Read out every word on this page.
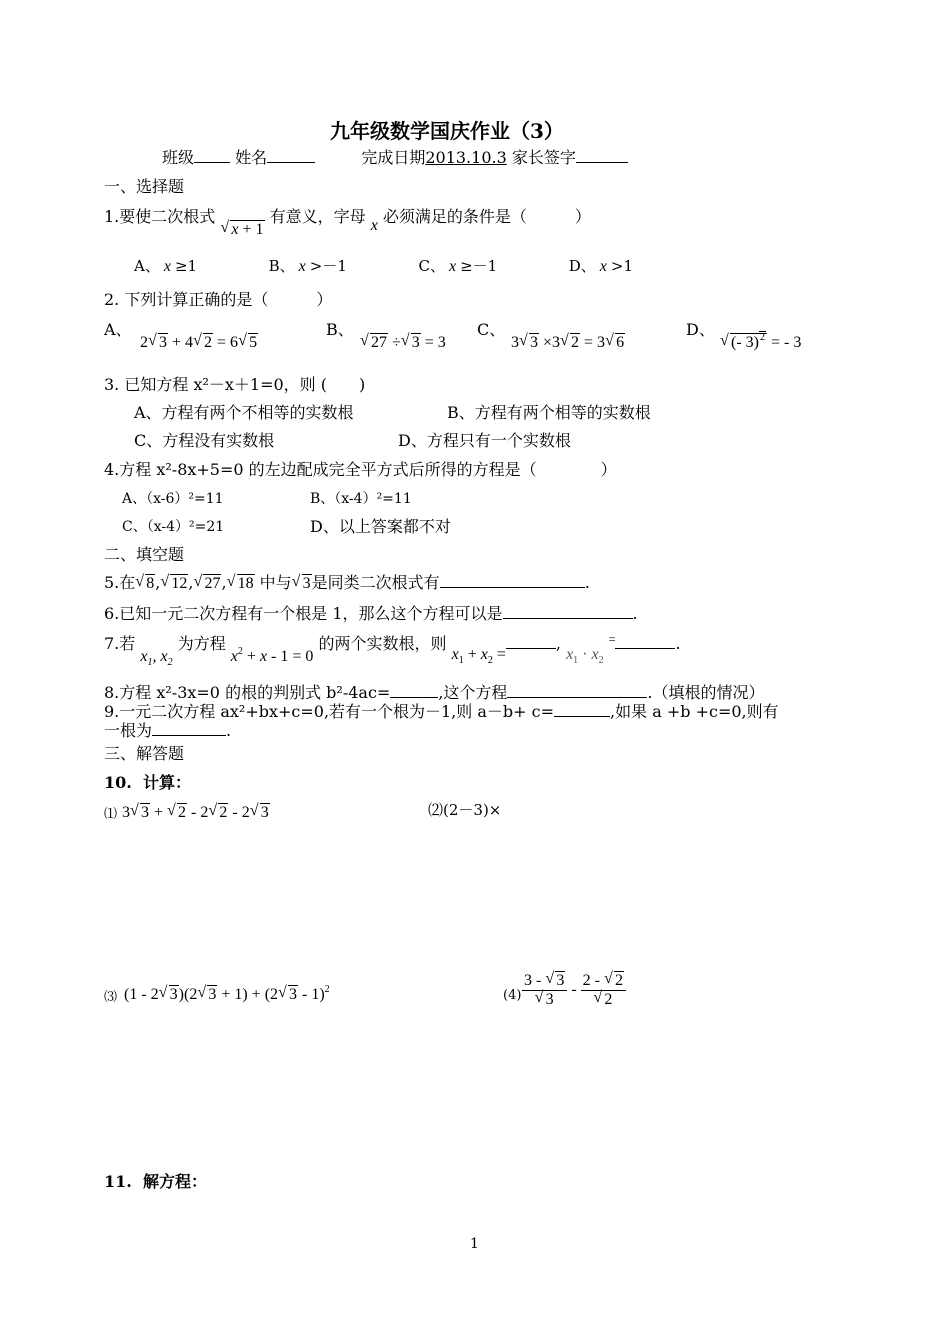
九年级数学国庆作业（3）
班级	姓名	完成日期2013.10.3 家长签字
一、选择题
1.要使二次根式 √ x + 1 有意义，字母 x 必须满足的条件是（　　　）
A、 x ≥1	B、 x >－1	C、 x ≥－1	D、 x >1
2. 下列计算正确的是（　　　）
A、
2 √ 3 + 4 √ 2 = 6 √ 5
B、
√ 27 ÷ √ 3 = 3
C、
3 √ 3 ×3 √ 2 = 3 √ 6
D、
√ (- 3)$^2$ = - 3
3. 已知方程 x²－x＋1=0，则 (　　)
A、方程有两个不相等的实数根	B、方程有两个相等的实数根
C、方程没有实数根	D、方程只有一个实数根
4.方程 x²-8x+5=0 的左边配成完全平方式后所得的方程是（　　　　）
A、（x-6）²=11	B、（x-4）²=11
C、（x-4）²=21	D、以上答案都不对
二、填空题
5.在 √ 8, √ 12, √ 27, √ 18 中与 √ 3是同类二次根式有	.
6.已知一元二次方程有一个根是 1，那么这个方程可以是	.
7.若 $x_1$, $x_2$ 为方程 $x^2 + x - 1 = 0$ 的两个实数根，则 $x_1 + x_2$ =, $x_1 \cdot x_2$ =	.
8.方程 x²-3x=0 的根的判别式 b²-4ac=	,这个方程	.（填根的情况）
9.一元二次方程 ax²+bx+c=0,若有一个根为－1,则 a－b+ c=	,如果 a +b +c=0,则有
一根为	.
三、解答题
10. 计算：
⑴ 3 √ 3 + √ 2 - 2 √ 2 - 2 √ 3	⑵(2－3)×
⑶ (1 - 2 √ 3)(2 √ 3 + 1) + (2 √ 3 - 1)$^2$	(4) 3 - √ 3
√ 3 - 2 - √ 2
√ 2
11. 解方程：
1
